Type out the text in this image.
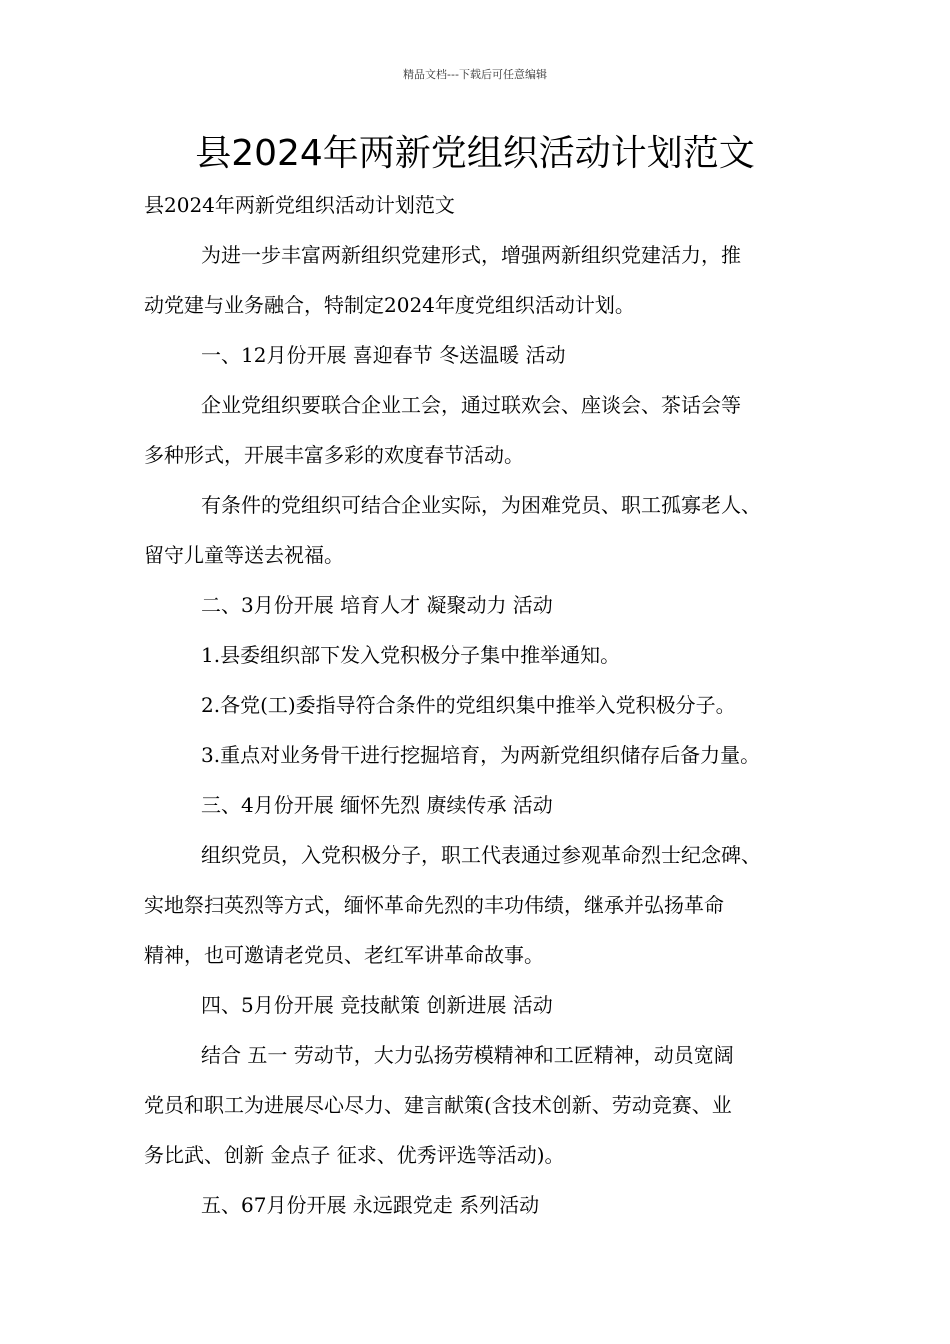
精品文档---下载后可任意编辑
县2024年两新党组织活动计划范文
县2024年两新党组织活动计划范文
为进一步丰富两新组织党建形式，增强两新组织党建活力，推
动党建与业务融合，特制定2024年度党组织活动计划。
一、12月份开展 喜迎春节 冬送温暖 活动
企业党组织要联合企业工会，通过联欢会、座谈会、茶话会等
多种形式，开展丰富多彩的欢度春节活动。
有条件的党组织可结合企业实际，为困难党员、职工孤寡老人、
留守儿童等送去祝福。
二、3月份开展 培育人才 凝聚动力 活动
1.县委组织部下发入党积极分子集中推举通知。
2.各党(工)委指导符合条件的党组织集中推举入党积极分子。
3.重点对业务骨干进行挖掘培育，为两新党组织储存后备力量。
三、4月份开展 缅怀先烈 赓续传承 活动
组织党员，入党积极分子，职工代表通过参观革命烈士纪念碑、
实地祭扫英烈等方式，缅怀革命先烈的丰功伟绩，继承并弘扬革命
精神，也可邀请老党员、老红军讲革命故事。
四、5月份开展 竞技献策 创新进展 活动
结合 五一 劳动节，大力弘扬劳模精神和工匠精神，动员宽阔
党员和职工为进展尽心尽力、建言献策(含技术创新、劳动竞赛、业
务比武、创新 金点子 征求、优秀评选等活动)。
五、67月份开展 永远跟党走 系列活动
